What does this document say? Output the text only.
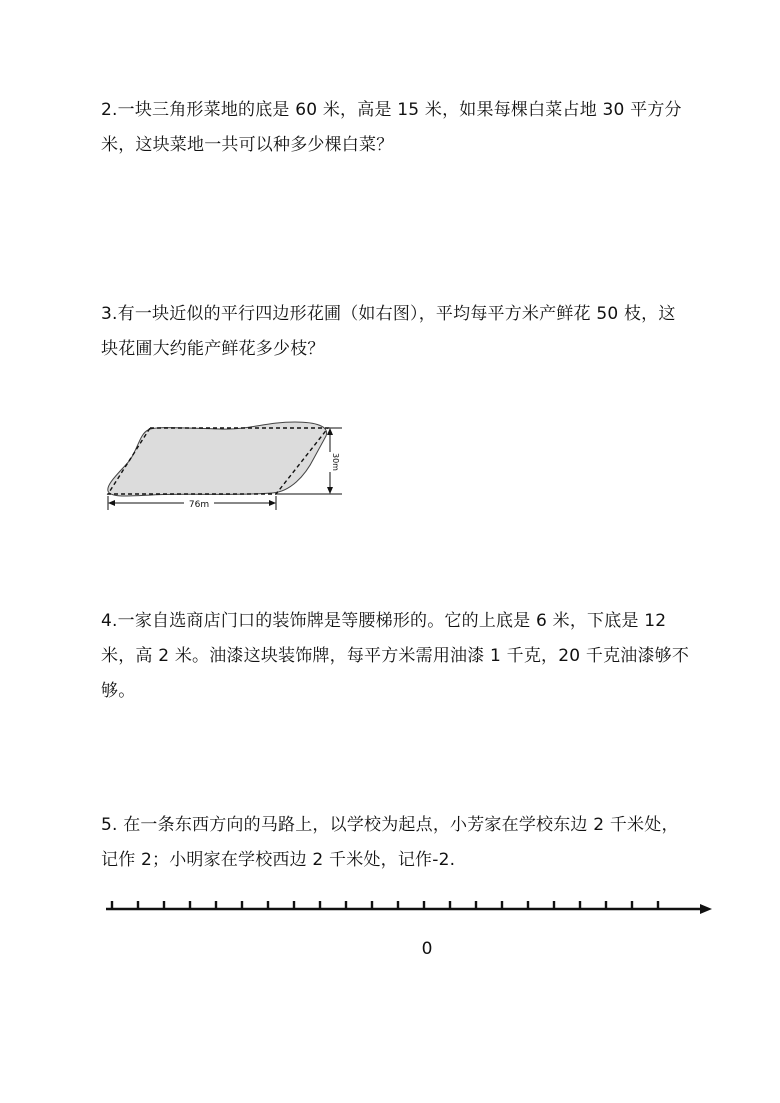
2.一块三角形菜地的底是 60 米，高是 15 米，如果每棵白菜占地 30 平方分米，这块菜地一共可以种多少棵白菜？

3.有一块近似的平行四边形花圃（如右图），平均每平方米产鲜花 50 枝，这块花圃大约能产鲜花多少枝？

30m
76m

4.一家自选商店门口的装饰牌是等腰梯形的。它的上底是 6 米，下底是 12 米，高 2 米。油漆这块装饰牌，每平方米需用油漆 1 千克，20 千克油漆够不够。

5. 在一条东西方向的马路上，以学校为起点，小芳家在学校东边 2 千米处，记作 2；小明家在学校西边 2 千米处，记作-2.

0
